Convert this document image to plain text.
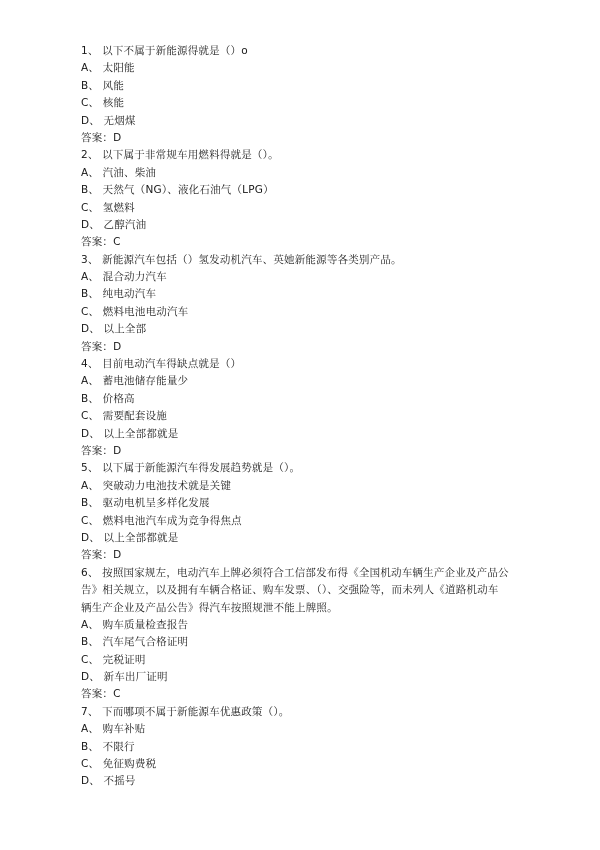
1、 以下不属于新能源得就是（）o
A、 太阳能
B、 风能
C、 核能
D、 无烟煤
答案：D
2、 以下属于非常规车用燃料得就是（）。
A、 汽油、柴油
B、 天然气（NG）、液化石油气（LPG）
C、 氢燃料
D、 乙醇汽油
答案：C
3、 新能源汽车包括（）氢发动机汽车、英她新能源等各类别产品。
A、 混合动力汽车
B、 纯电动汽车
C、 燃料电池电动汽车
D、 以上全部
答案：D
4、 目前电动汽车得缺点就是（）
A、 蓄电池储存能量少
B、 价格高
C、 需要配套设施
D、 以上全部都就是
答案：D
5、 以下属于新能源汽车得发展趋势就是（）。
A、 突破动力电池技术就是关键
B、 驱动电机呈多样化发展
C、 燃料电池汽车成为竞争得焦点
D、 以上全部都就是
答案：D
6、 按照国家规左，电动汽车上牌必须符合工信部发布得《全国机动车辆生产企业及产品公
告》相关规立，以及拥有车辆合格证、购车发票、（）、交强险等，而未列人《道路机动车
辆生产企业及产品公告》得汽车按照规泄不能上牌照。
A、 购车质量检查报告
B、 汽车尾气合格证明
C、 完税证明
D、 新车出厂证明
答案：C
7、 下而哪项不属于新能源车优惠政策（）。
A、 购车补贴
B、 不限行
C、 免征购费税
D、 不摇号
